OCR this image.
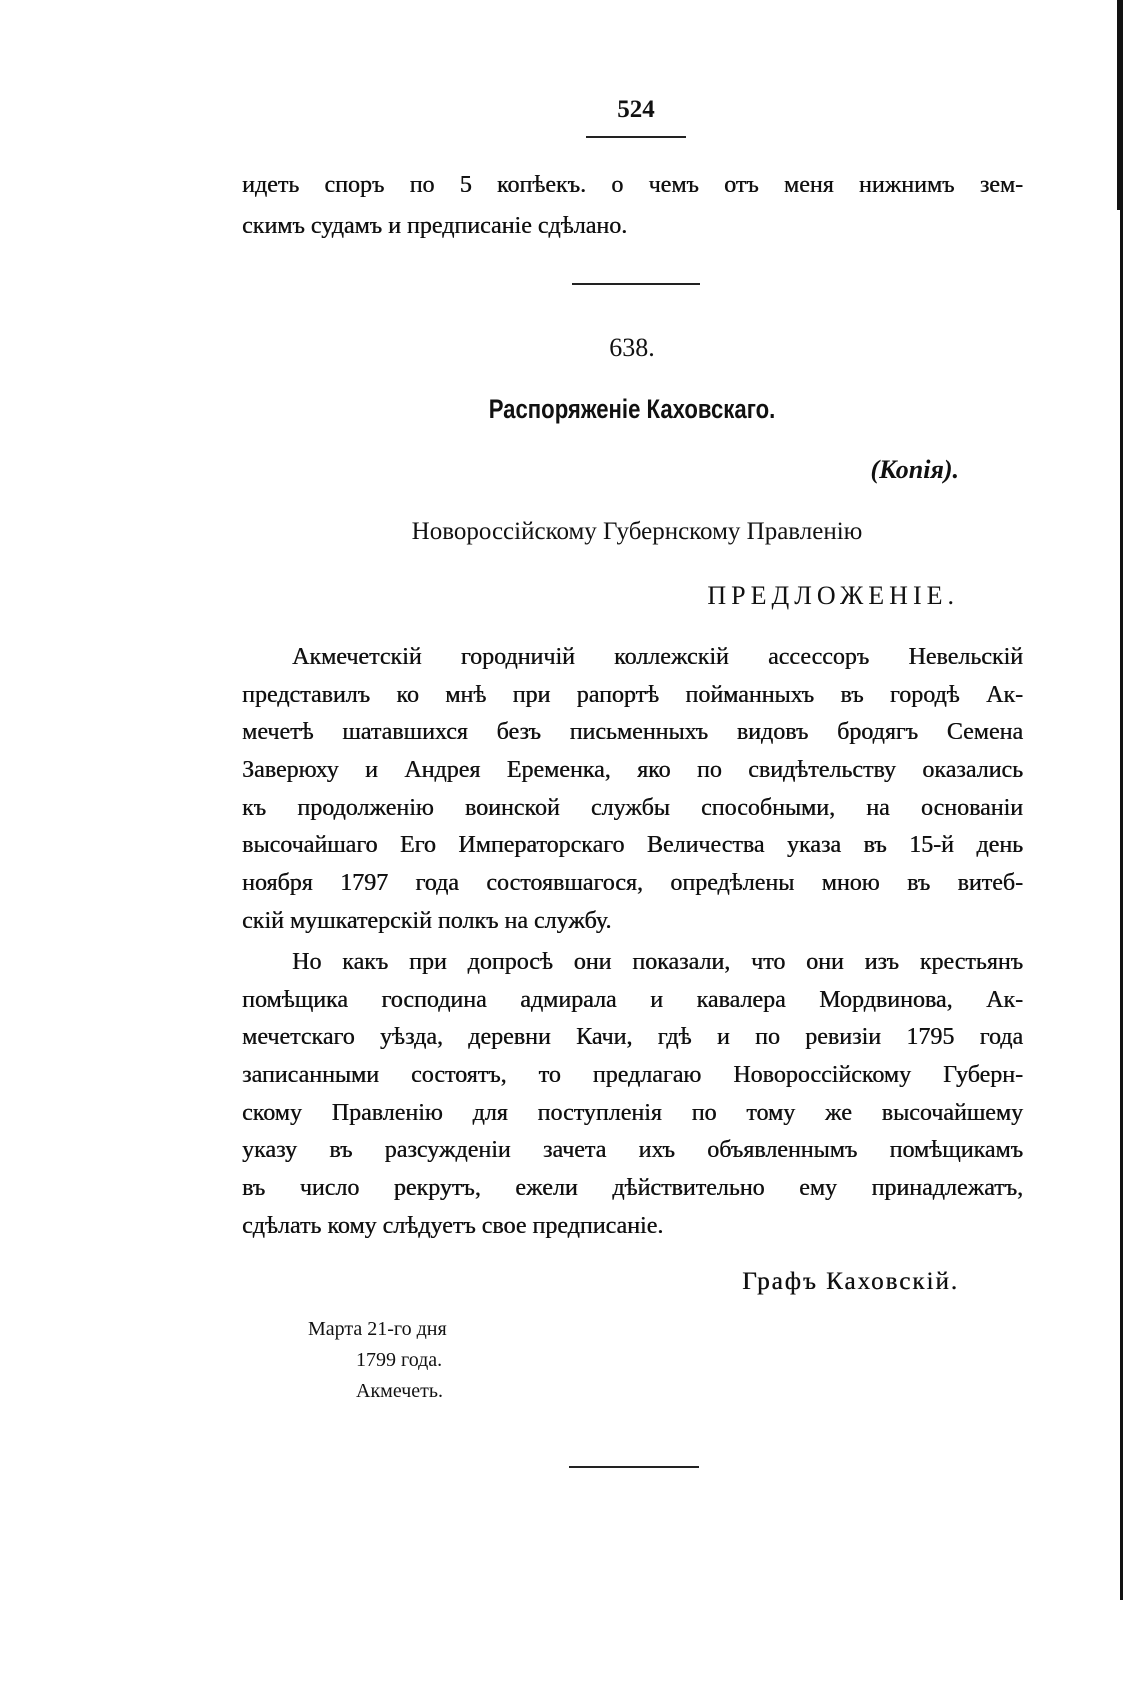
524
идеть споръ по 5 копѣекъ. о чемъ отъ меня нижнимъ зем-
скимъ судамъ и предписаніе сдѣлано.
638.
Распоряженіе Каховскаго.
(Копія).
Новороссійскому Губернскому Правленію
ПРЕДЛОЖЕНІЕ.
Акмечетскій городничій коллежскій ассессоръ Невельскій
представилъ ко мнѣ при рапортѣ пойманныхъ въ городѣ Ак-
мечетѣ шатавшихся безъ письменныхъ видовъ бродягъ Семена
Заверюху и Андрея Еременка, яко по свидѣтельству оказались
къ продолженію воинской службы способными, на основаніи
высочайшаго Его Императорскаго Величества указа въ 15-й день
ноября 1797 года состоявшагося, опредѣлены мною въ витеб-
скій мушкатерскій полкъ на службу.
Но какъ при допросѣ они показали, что они изъ крестьянъ
помѣщика господина адмирала и кавалера Мордвинова, Ак-
мечетскаго уѣзда, деревни Качи, гдѣ и по ревизіи 1795 года
записанными состоятъ, то предлагаю Новороссійскому Губерн-
скому Правленію для поступленія по тому же высочайшему
указу въ разсужденіи зачета ихъ объявленнымъ помѣщикамъ
въ число рекрутъ, ежели дѣйствительно ему принадлежатъ,
сдѣлать кому слѣдуетъ свое предписаніе.
Графъ Каховскій.
Марта 21-го дня
1799 года.
Акмечеть.
